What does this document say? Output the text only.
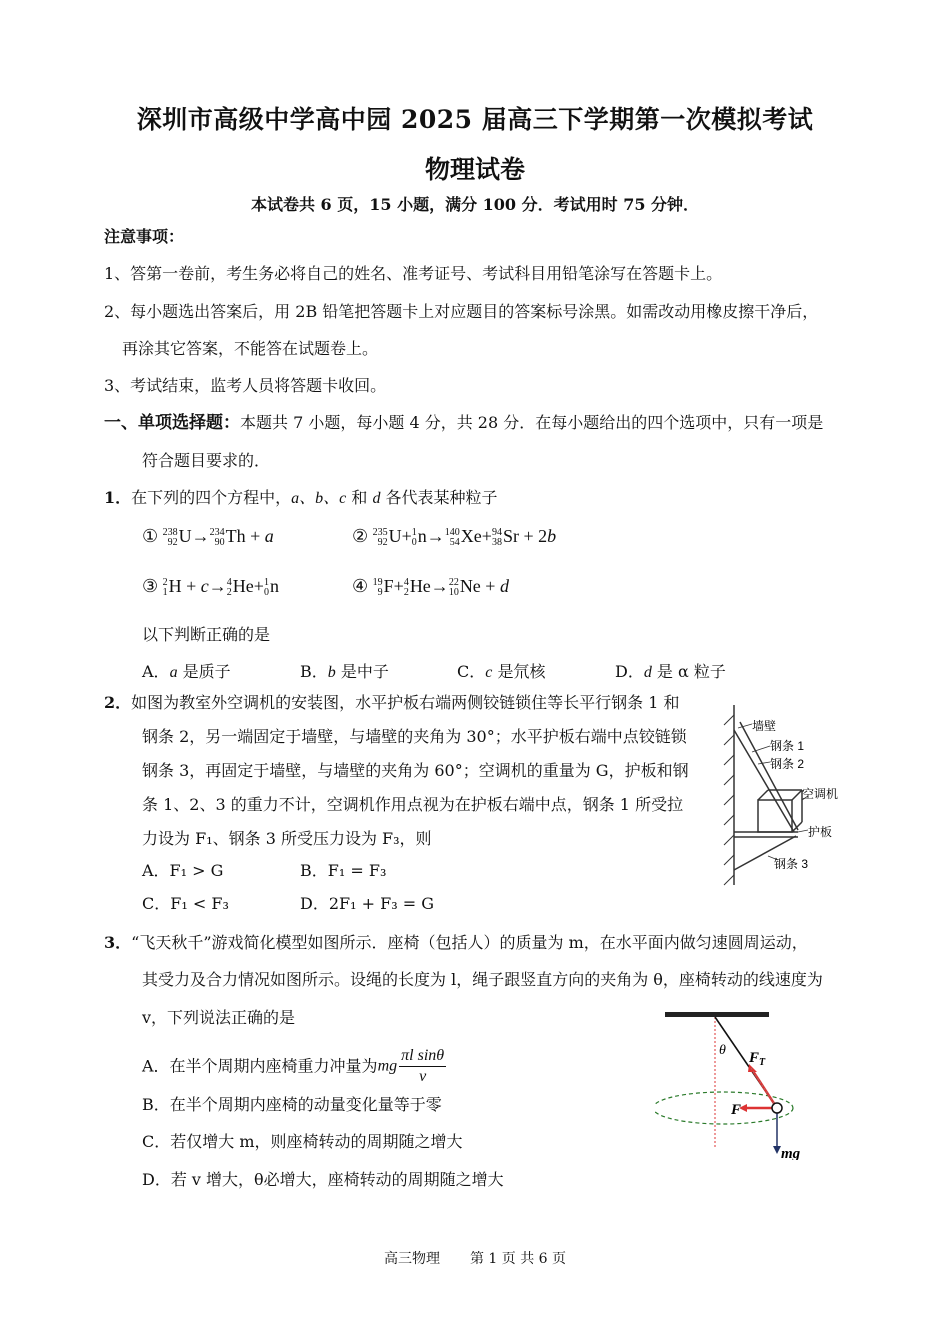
深圳市高级中学高中园 2025 届高三下学期第一次模拟考试
物理试卷
本试卷共 6 页，15 小题，满分 100 分．考试用时 75 分钟．
注意事项：
1、答第一卷前，考生务必将自己的姓名、准考证号、考试科目用铅笔涂写在答题卡上。
2、每小题选出答案后，用 2B 铅笔把答题卡上对应题目的答案标号涂黑。如需改动用橡皮擦干净后，
再涂其它答案，不能答在试题卷上。
3、考试结束，监考人员将答题卡收回。
一、单项选择题：本题共 7 小题，每小题 4 分，共 28 分．在每小题给出的四个选项中，只有一项是
符合题目要求的．
1．在下列的四个方程中，a、b、c 和 d 各代表某种粒子
① 238
92 U→ 234
90 Th + a	② 235
92 U+ 1
0 n→ 140
54 Xe+ 94
38 Sr + 2b
③ 2
1 H + c→ 4
2 He+ 1
0 n	④ 19
9 F+ 4
2 He→ 22
10 Ne + d
以下判断正确的是
A．a 是质子	B．b 是中子	C．c 是氘核	D．d 是 α 粒子
2．如图为教室外空调机的安装图，水平护板右端两侧铰链锁住等长平行钢条 1 和
钢条 2，另一端固定于墙壁，与墙壁的夹角为 30°；水平护板右端中点铰链锁
钢条 3，再固定于墙壁，与墙壁的夹角为 60°；空调机的重量为 G，护板和钢
条 1、2、3 的重力不计，空调机作用点视为在护板右端中点，钢条 1 所受拉
力设为 F₁、钢条 3 所受压力设为 F₃，则
A．F₁ > G	B．F₁ = F₃
C．F₁ < F₃	D．2F₁ + F₃ = G
墙壁
钢条 1
钢条 2
空调机
护板
钢条 3
3．“飞天秋千”游戏简化模型如图所示．座椅（包括人）的质量为 m，在水平面内做匀速圆周运动，
其受力及合力情况如图所示。设绳的长度为 l，绳子跟竖直方向的夹角为 θ，座椅转动的线速度为
v，下列说法正确的是
A．在半个周期内座椅重力冲量为mg $\frac{\text{πl sinθ}}{v}$
B．在半个周期内座椅的动量变化量等于零
C．若仅增大 m，则座椅转动的周期随之增大
D．若 v 增大，θ必增大，座椅转动的周期随之增大
θ F T
F
mg
高三物理 第 1 页 共 6 页
